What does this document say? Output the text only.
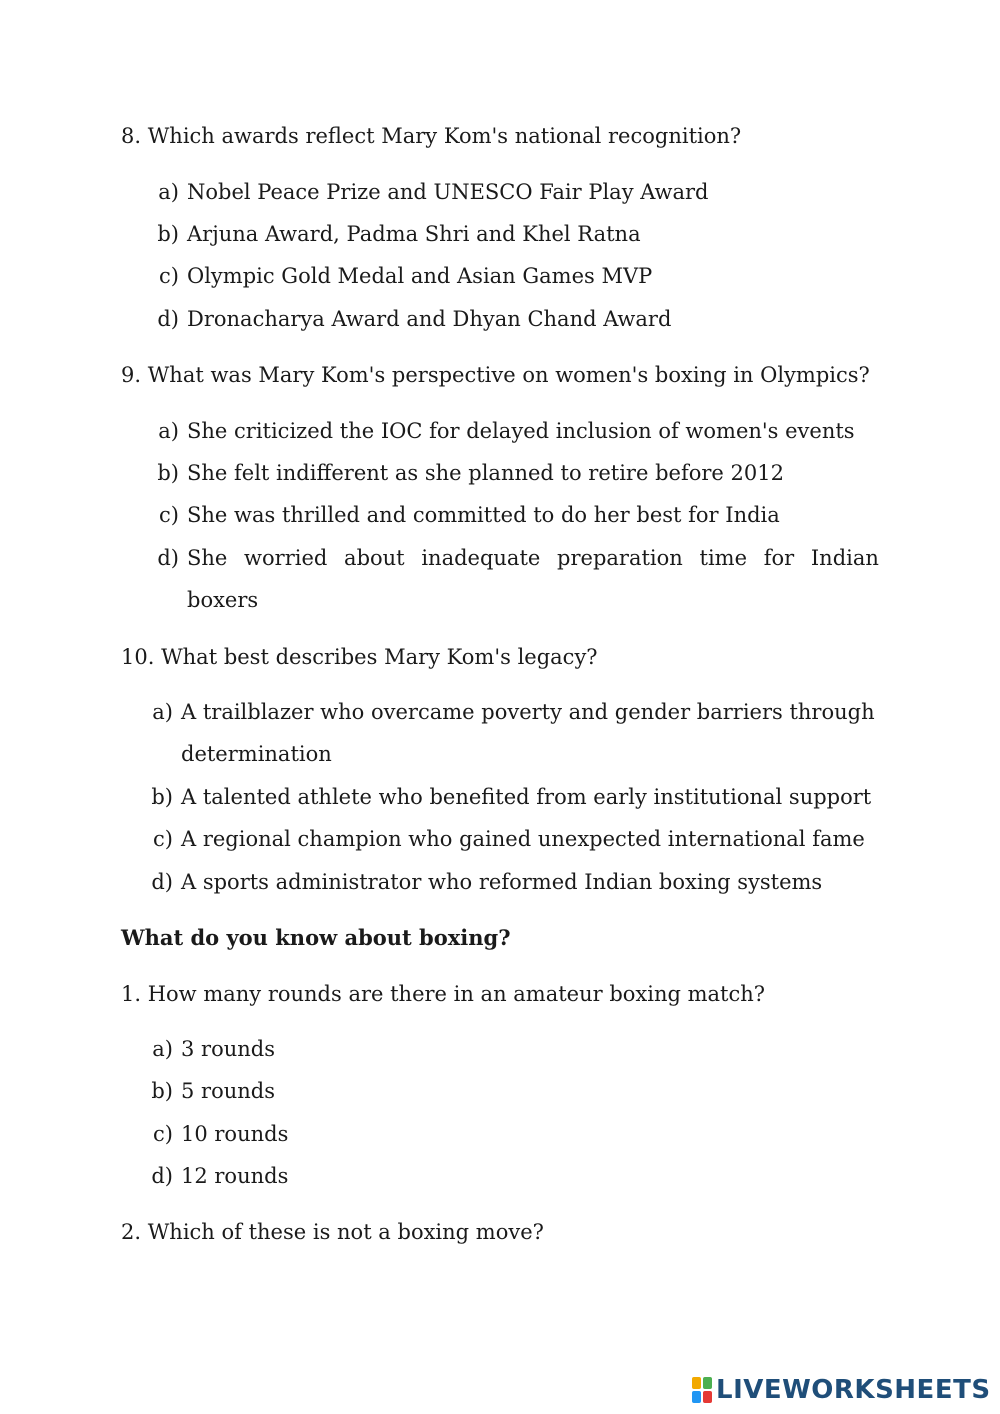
8. Which awards reflect Mary Kom's national recognition?
a) Nobel Peace Prize and UNESCO Fair Play Award
b) Arjuna Award, Padma Shri and Khel Ratna
c) Olympic Gold Medal and Asian Games MVP
d) Dronacharya Award and Dhyan Chand Award
9. What was Mary Kom's perspective on women's boxing in Olympics?
a) She criticized the IOC for delayed inclusion of women's events
b) She felt indifferent as she planned to retire before 2012
c) She was thrilled and committed to do her best for India
d) She worried about inadequate preparation time for Indian
boxers
10. What best describes Mary Kom's legacy?
a) A trailblazer who overcame poverty and gender barriers through
determination
b) A talented athlete who benefited from early institutional support
c) A regional champion who gained unexpected international fame
d) A sports administrator who reformed Indian boxing systems
What do you know about boxing?
1. How many rounds are there in an amateur boxing match?
a) 3 rounds
b) 5 rounds
c) 10 rounds
d) 12 rounds
2. Which of these is not a boxing move?
LIVEWORKSHEETS
